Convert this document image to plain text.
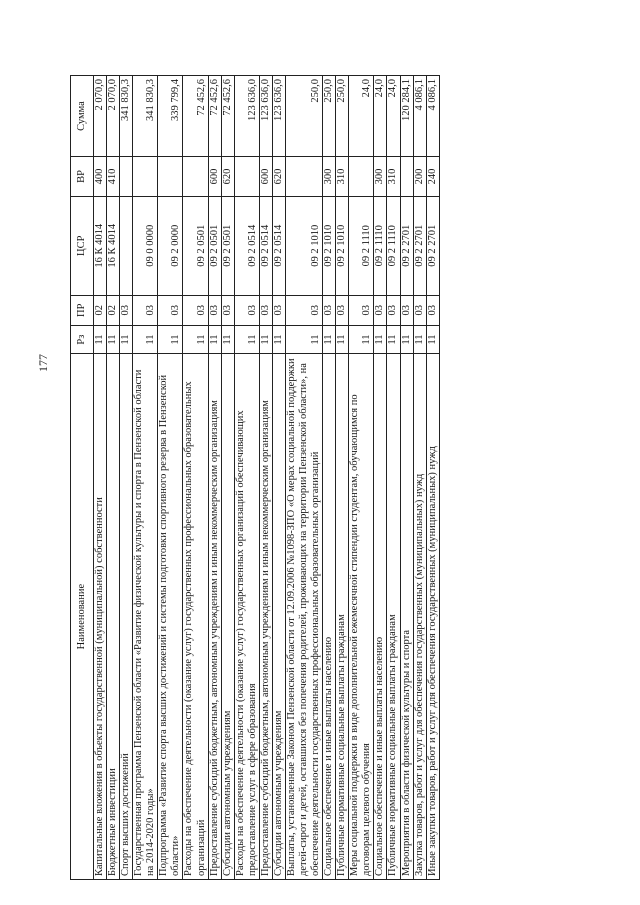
177
Наименование	Рз	ПР	ЦСР	ВР	Сумма
Капитальные вложения в объекты государственной (муниципальной) собственности	11	02	16 К 4014	400	2 070,0
Бюджетные инвестиции	11	02	16 К 4014	410	2 070,0
Спорт высших достижений	11	03			341 830,3
Государственная программа Пензенской области «Развитие физической культуры и спорта в Пензенской области на 2014-2020 годы»	11	03	09 0 0000		341 830,3
Подпрограмма «Развитие спорта высших достижений и системы подготовки спортивного резерва в Пензенской области»	11	03	09 2 0000		339 799,4
Расходы на обеспечение деятельности (оказание услуг) государственных профессиональных образовательных организаций	11	03	09 2 0501		72 452,6
Предоставление субсидий бюджетным, автономным учреждениям и иным некоммерческим организациям	11	03	09 2 0501	600	72 452,6
Субсидии автономным учреждениям	11	03	09 2 0501	620	72 452,6
Расходы на обеспечение деятельности (оказание услуг) государственных организаций обеспечивающих предоставление услуг в сфере образования	11	03	09 2 0514		123 636,0
Предоставление субсидий бюджетным, автономным учреждениям и иным некоммерческим организациям	11	03	09 2 0514	600	123 636,0
Субсидии автономным учреждениям	11	03	09 2 0514	620	123 636,0
Выплаты, установленные Законом Пензенской области от 12.09.2006 №1098-ЗПО «О мерах социальной поддержки детей-сирот и детей, оставшихся без попечения родителей, проживающих на территории Пензенской области», на обеспечение деятельности государственных профессиональных образовательных организаций	11	03	09 2 1010		250,0
Социальное обеспечение и иные выплаты населению	11	03	09 2 1010	300	250,0
Публичные нормативные социальные выплаты гражданам	11	03	09 2 1010	310	250,0
Меры социальной поддержки в виде дополнительной ежемесячной стипендии студентам, обучающимся по договорам целевого обучения	11	03	09 2 1110		24,0
Социальное обеспечение и иные выплаты населению	11	03	09 2 1110	300	24,0
Публичные нормативные социальные выплаты гражданам	11	03	09 2 1110	310	24,0
Мероприятия в области физической культуры и спорта	11	03	09 2 2701		120 284,1
Закупка товаров, работ и услуг для обеспечения государственных (муниципальных) нужд	11	03	09 2 2701	200	4 086,1
Иные закупки товаров, работ и услуг для обеспечения государственных (муниципальных) нужд	11	03	09 2 2701	240	4 086,1
